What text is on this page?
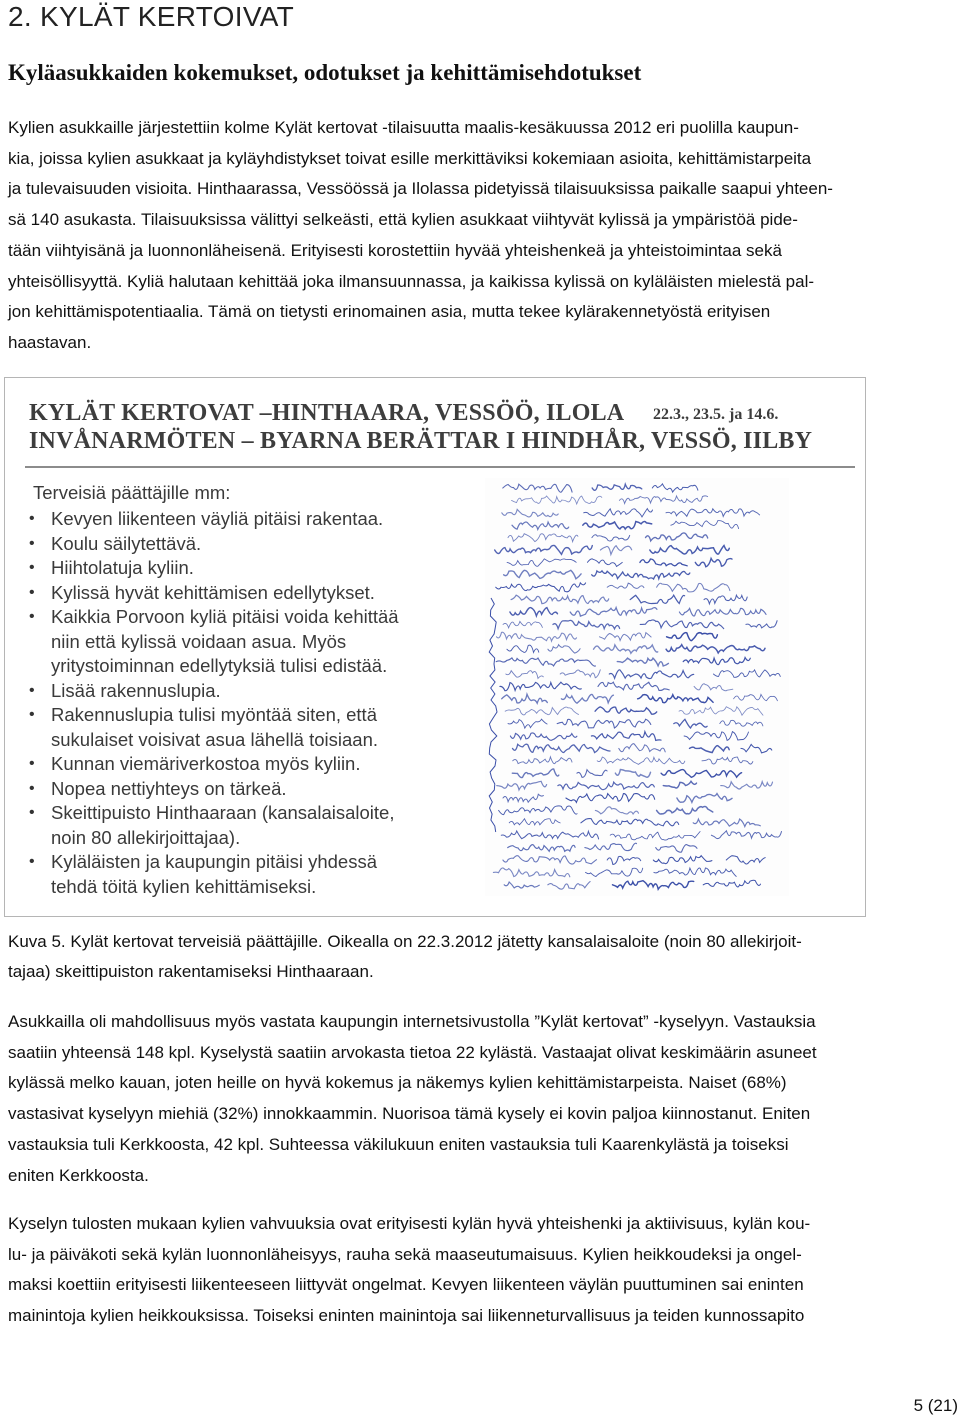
2. KYLÄT KERTOIVAT
Kyläasukkaiden kokemukset, odotukset ja kehittämisehdotukset

Kylien asukkaille järjestettiin kolme Kylät kertovat -tilaisuutta maalis-kesäkuussa 2012 eri puolilla kaupun-
kia, joissa kylien asukkaat ja kyläyhdistykset toivat esille merkittäviksi kokemiaan asioita, kehittämistarpeita
ja tulevaisuuden visioita. Hinthaarassa, Vessöössä ja Ilolassa pidetyissä tilaisuuksissa paikalle saapui yhteen-
sä 140 asukasta. Tilaisuuksissa välittyi selkeästi, että kylien asukkaat viihtyvät kylissä ja ympäristöä pide-
tään viihtyisänä ja luonnonläheisenä. Erityisesti korostettiin hyvää yhteishenkeä ja yhteistoimintaa sekä
yhteisöllisyyttä. Kyliä halutaan kehittää joka ilmansuunnassa, ja kaikissa kylissä on kyläläisten mielestä pal-
jon kehittämispotentiaalia. Tämä on tietysti erinomainen asia, mutta tekee kylärakennetyöstä erityisen
haastavan.

KYLÄT KERTOVAT –HINTHAARA, VESSÖÖ, ILOLA
INVÅNARMÖTEN – BYARNA BERÄTTAR I HINDHÅR, VESSÖ, IILBY
22.3., 23.5. ja 14.6.
Terveisiä päättäjille mm:
• Kevyen liikenteen väyliä pitäisi rakentaa.
• Koulu säilytettävä.
• Hiihtolatuja kyliin.
• Kylissä hyvät kehittämisen edellytykset.
• Kaikkia Porvoon kyliä pitäisi voida kehittää
niin että kylissä voidaan asua. Myös
yritystoiminnan edellytyksiä tulisi edistää.
• Lisää rakennuslupia.
• Rakennuslupia tulisi myöntää siten, että
sukulaiset voisivat asua lähellä toisiaan.
• Kunnan viemäriverkostoa myös kyliin.
• Nopea nettiyhteys on tärkeä.
• Skeittipuisto Hinthaaraan (kansalaisaloite,
noin 80 allekirjoittajaa).
• Kyläläisten ja kaupungin pitäisi yhdessä
tehdä töitä kylien kehittämiseksi.

Kuva 5. Kylät kertovat terveisiä päättäjille. Oikealla on 22.3.2012 jätetty kansalaisaloite (noin 80 allekirjoit-
tajaa) skeittipuiston rakentamiseksi Hinthaaraan.

Asukkailla oli mahdollisuus myös vastata kaupungin internetsivustolla ”Kylät kertovat” -kyselyyn. Vastauksia
saatiin yhteensä 148 kpl. Kyselystä saatiin arvokasta tietoa 22 kylästä. Vastaajat olivat keskimäärin asuneet
kylässä melko kauan, joten heille on hyvä kokemus ja näkemys kylien kehittämistarpeista. Naiset (68%)
vastasivat kyselyyn miehiä (32%) innokkaammin. Nuorisoa tämä kysely ei kovin paljoa kiinnostanut. Eniten
vastauksia tuli Kerkkoosta, 42 kpl. Suhteessa väkilukuun eniten vastauksia tuli Kaarenkylästä ja toiseksi
eniten Kerkkoosta.

Kyselyn tulosten mukaan kylien vahvuuksia ovat erityisesti kylän hyvä yhteishenki ja aktiivisuus, kylän kou-
lu- ja päiväkoti sekä kylän luonnonläheisyys, rauha sekä maaseutumaisuus. Kylien heikkoudeksi ja ongel-
maksi koettiin erityisesti liikenteeseen liittyvät ongelmat. Kevyen liikenteen väylän puuttuminen sai eninten
mainintoja kylien heikkouksissa. Toiseksi eninten mainintoja sai liikenneturvallisuus ja teiden kunnossapito

5 (21)
